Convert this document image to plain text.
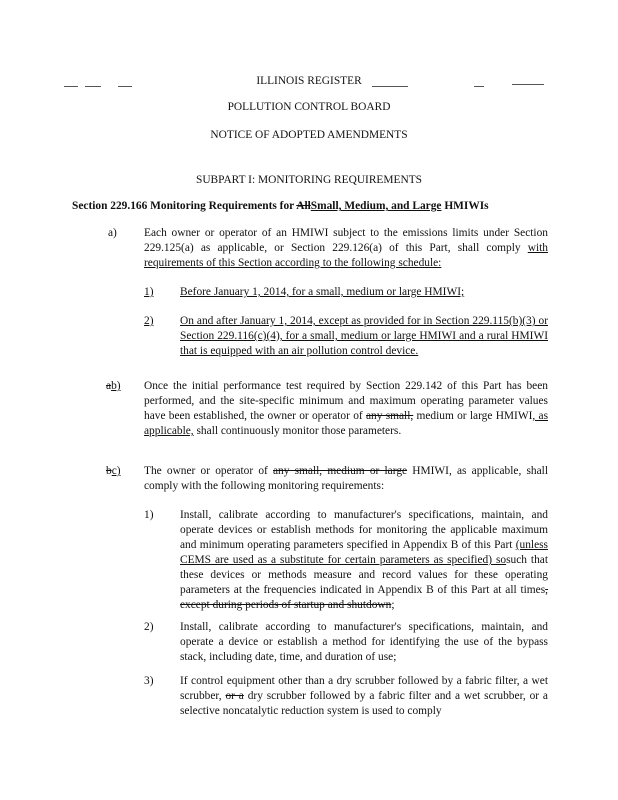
ILLINOIS REGISTER
POLLUTION CONTROL BOARD
NOTICE OF ADOPTED AMENDMENTS
SUBPART I: MONITORING REQUIREMENTS
Section 229.166 Monitoring Requirements for AllSmall, Medium, and Large HMIWIs
a) Each owner or operator of an HMIWI subject to the emissions limits under Section 229.125(a) as applicable, or Section 229.126(a) of this Part, shall comply with requirements of this Section according to the following schedule:
1) Before January 1, 2014, for a small, medium or large HMIWI;
2) On and after January 1, 2014, except as provided for in Section 229.115(b)(3) or Section 229.116(c)(4), for a small, medium or large HMIWI and a rural HMIWI that is equipped with an air pollution control device.
ab) Once the initial performance test required by Section 229.142 of this Part has been performed, and the site-specific minimum and maximum operating parameter values have been established, the owner or operator of any small, medium or large HMIWI, as applicable, shall continuously monitor those parameters.
bc) The owner or operator of any small, medium or large HMIWI, as applicable, shall comply with the following monitoring requirements:
1) Install, calibrate according to manufacturer's specifications, maintain, and operate devices or establish methods for monitoring the applicable maximum and minimum operating parameters specified in Appendix B of this Part (unless CEMS are used as a substitute for certain parameters as specified) sosuch that these devices or methods measure and record values for these operating parameters at the frequencies indicated in Appendix B of this Part at all times, except during periods of startup and shutdown;
2) Install, calibrate according to manufacturer's specifications, maintain, and operate a device or establish a method for identifying the use of the bypass stack, including date, time, and duration of use;
3) If control equipment other than a dry scrubber followed by a fabric filter, a wet scrubber, or a dry scrubber followed by a fabric filter and a wet scrubber, or a selective noncatalytic reduction system is used to comply
